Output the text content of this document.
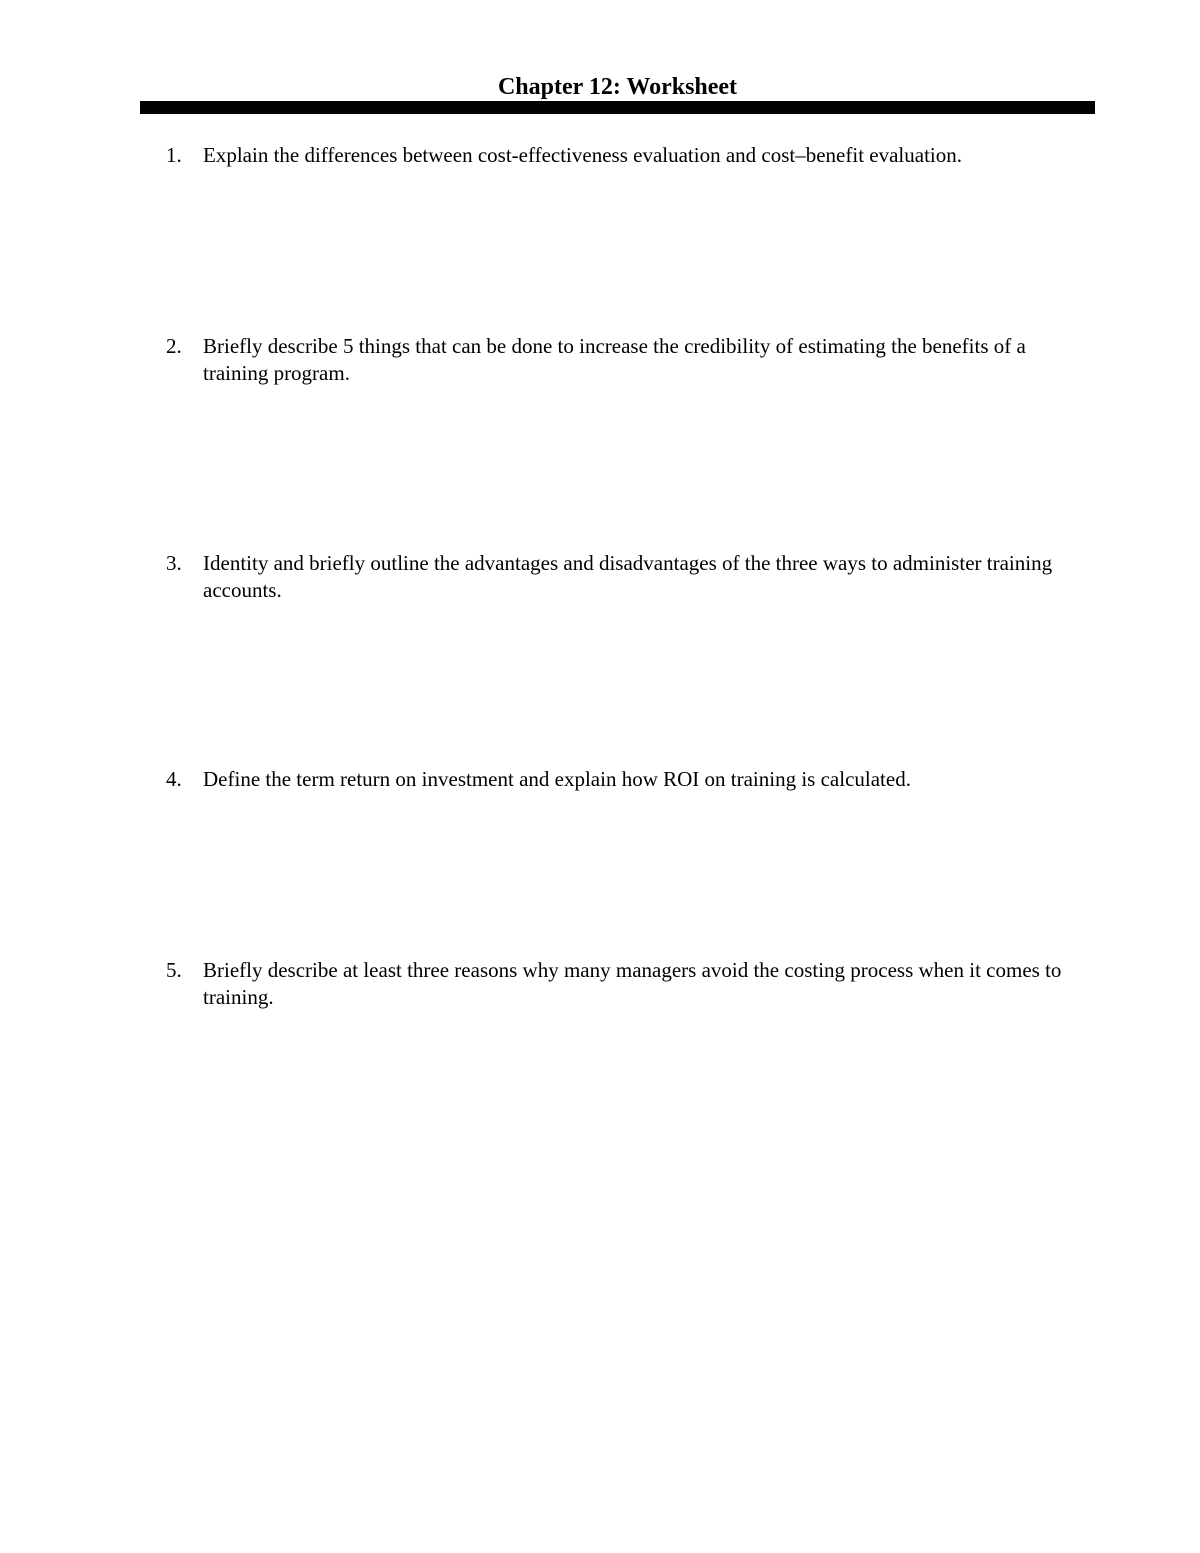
Chapter 12: Worksheet
1.	Explain the differences between cost-effectiveness evaluation and cost–benefit evaluation.
2.	Briefly describe 5 things that can be done to increase the credibility of estimating the benefits of a training program.
3.	Identity and briefly outline the advantages and disadvantages of the three ways to administer training accounts.
4.	Define the term return on investment and explain how ROI on training is calculated.
5.	Briefly describe at least three reasons why many managers avoid the costing process when it comes to training.
